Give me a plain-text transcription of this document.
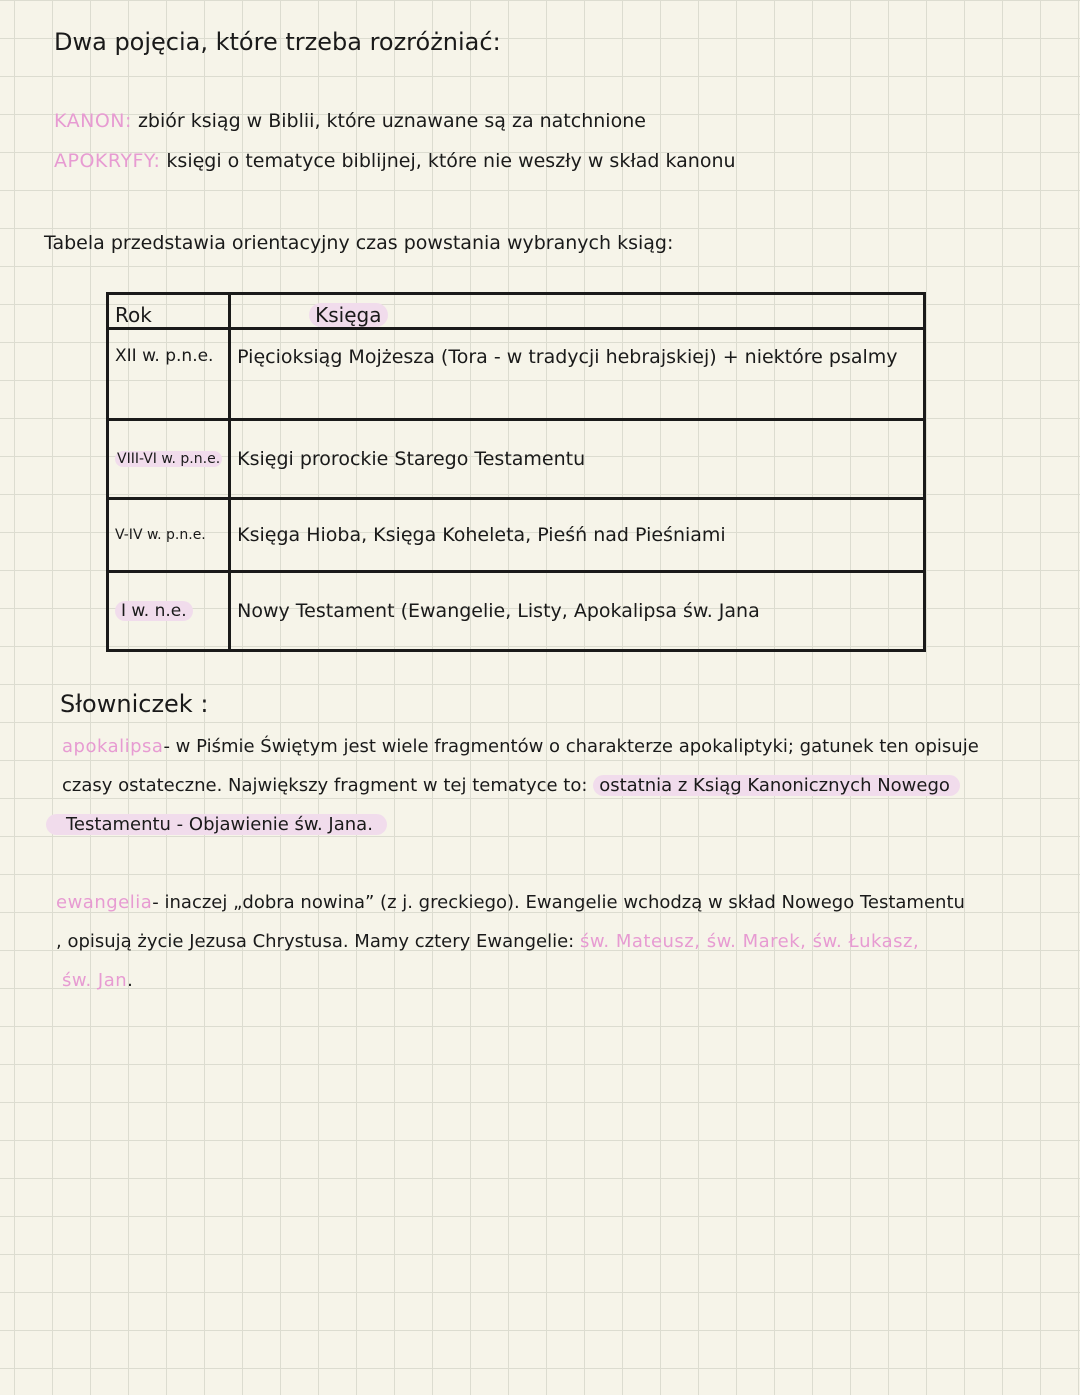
Dwa pojęcia, które trzeba rozróżniać:
KANON: zbiór ksiąg w Biblii, które uznawane są za natchnione
APOKRYFY: księgi o tematyce biblijnej, które nie weszły w skład kanonu
Tabela przedstawia orientacyjny czas powstania wybranych ksiąg:
Rok	Księga
XII w. p.n.e.	Pięcioksiąg Mojżesza (Tora - w tradycji hebrajskiej) + niektóre psalmy
VIII-VI w. p.n.e.	Księgi prorockie Starego Testamentu
V-IV w. p.n.e.	Księga Hioba, Księga Koheleta, Pieśń nad Pieśniami
I w. n.e.	Nowy Testament (Ewangelie, Listy, Apokalipsa św. Jana
Słowniczek :
apokalipsa- w Piśmie Świętym jest wiele fragmentów o charakterze apokaliptyki; gatunek ten opisuje
czasy ostateczne. Największy fragment w tej tematyce to: ostatnia z Ksiąg Kanonicznych Nowego
Testamentu - Objawienie św. Jana.
ewangelia- inaczej „dobra nowina” (z j. greckiego). Ewangelie wchodzą w skład Nowego Testamentu
, opisują życie Jezusa Chrystusa. Mamy cztery Ewangelie: św. Mateusz, św. Marek, św. Łukasz,
św. Jan.
